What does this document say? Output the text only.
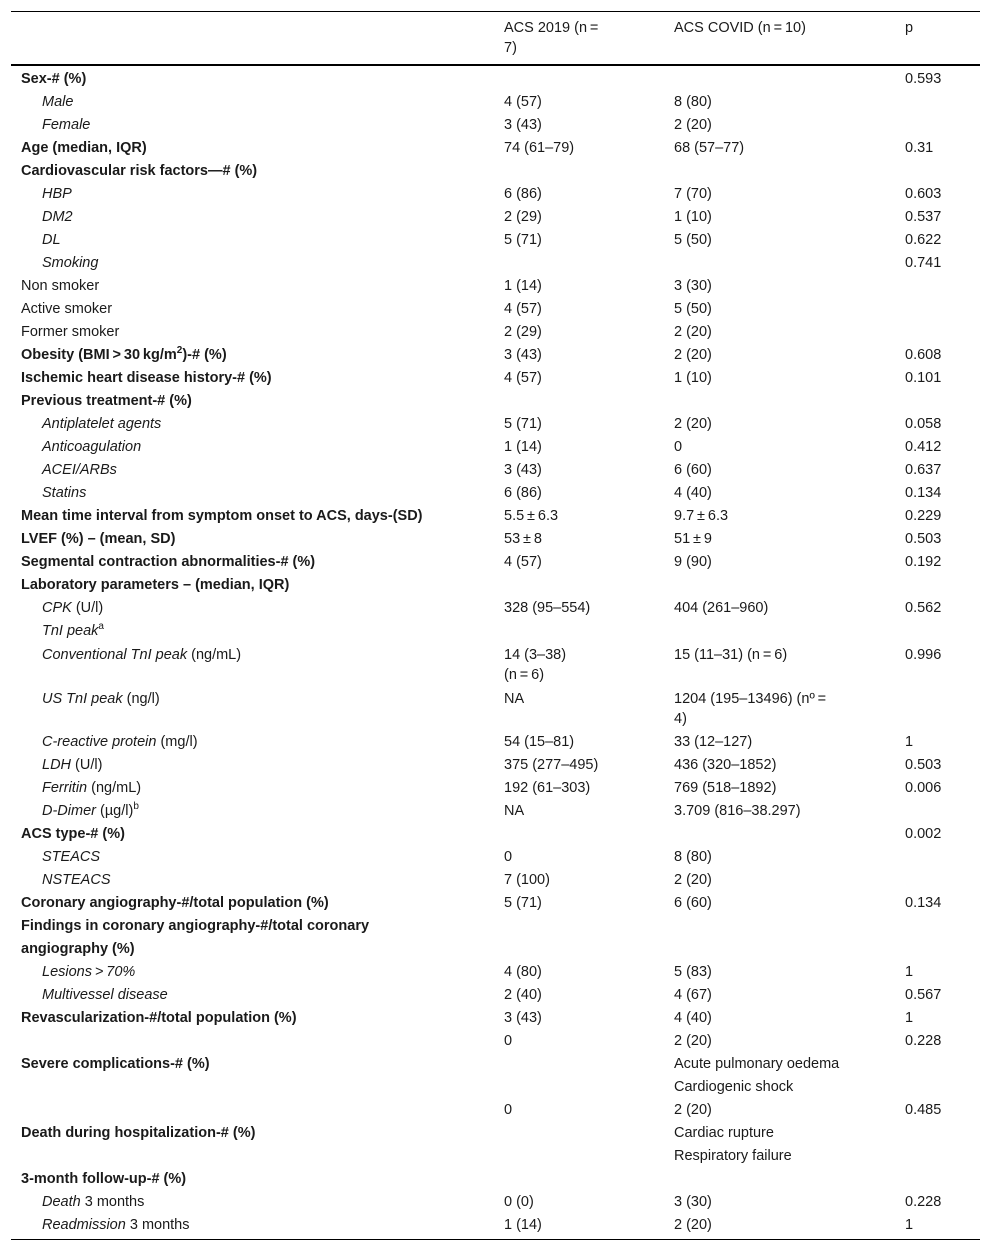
	ACS 2019 (n = 7)	ACS COVID (n = 10)	p
Sex-# (%)			0.593
Male	4 (57)	8 (80)	
Female	3 (43)	2 (20)	
Age (median, IQR)	74 (61–79)	68 (57–77)	0.31
Cardiovascular risk factors—# (%)			
HBP	6 (86)	7 (70)	0.603
DM2	2 (29)	1 (10)	0.537
DL	5 (71)	5 (50)	0.622
Smoking			0.741
Non smoker	1 (14)	3 (30)	
Active smoker	4 (57)	5 (50)	
Former smoker	2 (29)	2 (20)	
Obesity (BMI > 30 $kg/m^2)-\#$ (%)	3 (43)	2 (20)	0.608
Ischemic heart disease history-# (%)	4 (57)	1 (10)	0.101
Previous treatment-# (%)			
Antiplatelet agents	5 (71)	2 (20)	0.058
Anticoagulation	1 (14)	0	0.412
ACEI/ARBs	3 (43)	6 (60)	0.637
Statins	6 (86)	4 (40)	0.134
Mean time interval from symptom onset to ACS, days-(SD)	5.5 ± 6.3	9.7 ± 6.3	0.229
LVEF (%) – (mean, SD)	53 ± 8	51 ± 9	0.503
Segmental contraction abnormalities-# (%)	4 (57)	9 (90)	0.192
Laboratory parameters – (median, IQR)			
CPK (U/l)	328 (95–554)	404 (261–960)	0.562
TnI peak$^a$			
Conventional TnI peak (ng/mL)	14 (3–38) (n = 6)	15 (11–31) (n = 6)	0.996
US TnI peak (ng/l)	NA	1204 (195–13496) (nº = 4)	
C-reactive protein (mg/l)	54 (15–81)	33 (12–127)	1
LDH (U/l)	375 (277–495)	436 (320–1852)	0.503
Ferritin (ng/mL)	192 (61–303)	769 (518–1892)	0.006
D-Dimer $(\mu g/l)^b$	NA	3.709 (816–38.297)	
ACS type-# (%)			0.002
STEACS	0	8 (80)	
NSTEACS	7 (100)	2 (20)	
Coronary angiography-#/total population (%)	5 (71)	6 (60)	0.134
Findings in coronary angiography-#/total coronary angiography (%)			
Lesions > 70%	4 (80)	5 (83)	1
Multivessel disease	2 (40)	4 (67)	0.567
Revascularization-#/total population (%)	3 (43)	4 (40)	1
	0	2 (20)	0.228
Severe complications-# (%)		Acute pulmonary oedema	
		Cardiogenic shock	
	0	2 (20)	0.485
Death during hospitalization-# (%)		Cardiac rupture	
		Respiratory failure	
3-month follow-up-# (%)			
Death 3 months	0 (0)	3 (30)	0.228
Readmission 3 months	1 (14)	2 (20)	1
